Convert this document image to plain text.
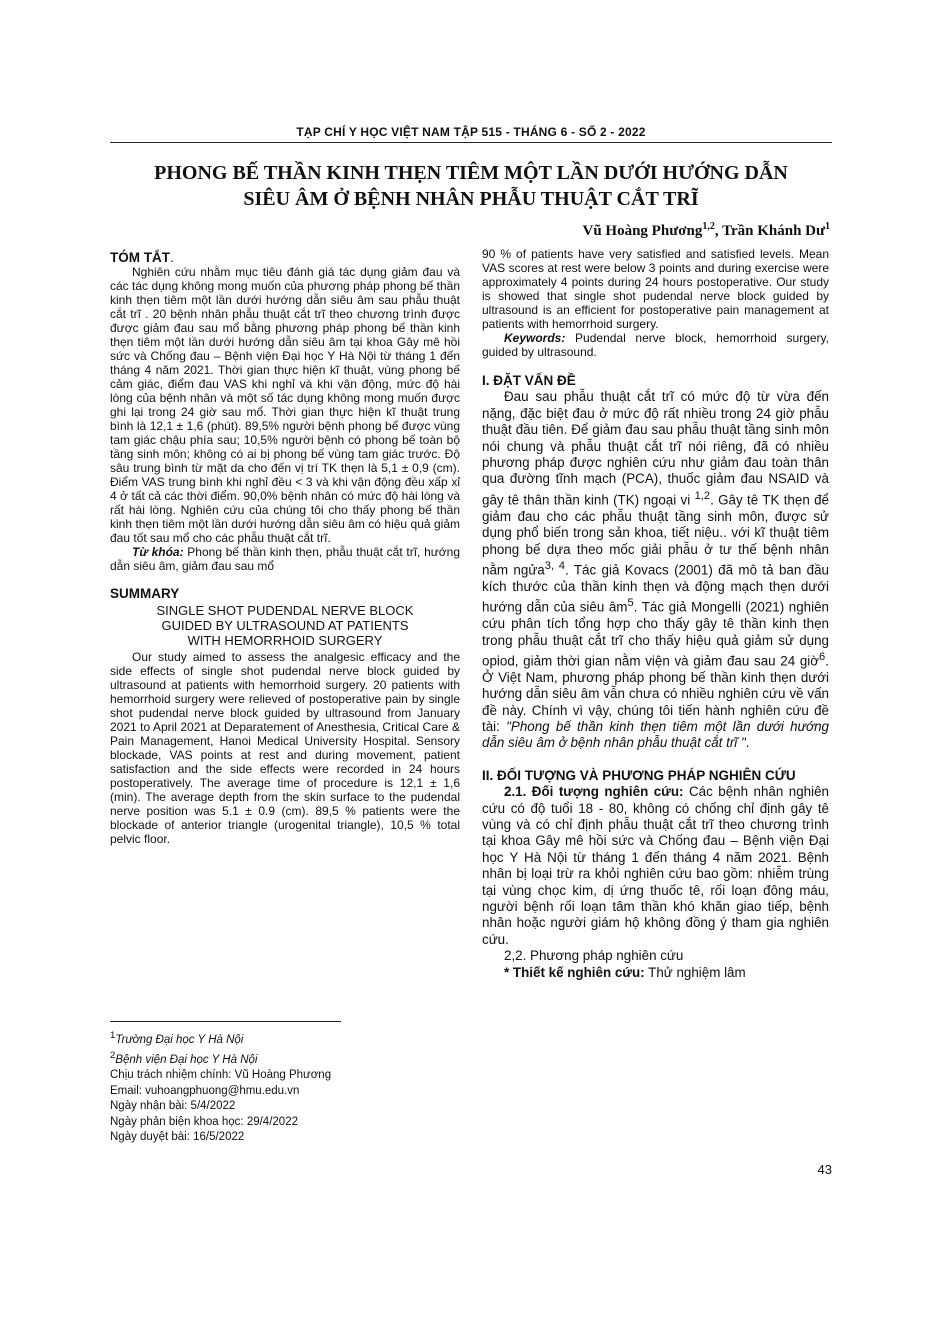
TẠP CHÍ Y HỌC VIỆT NAM TẬP 515 - THÁNG 6 - SỐ 2 - 2022
PHONG BẾ THẦN KINH THẸN TIÊM MỘT LẦN DƯỚI HƯỚNG DẪN
SIÊU ÂM Ở BỆNH NHÂN PHẪU THUẬT CẮT TRĨ
Vũ Hoàng Phương$^{1,2}$, Trần Khánh $Dư^1$

TÓM TẮT.

Nghiên cứu nhằm mục tiêu đánh giá tác dụng giảm đau và các tác dụng không mong muốn của phương pháp phong bế thần kinh thẹn tiêm một lần dưới hướng dẫn siêu âm sau phẫu thuật cắt trĩ . 20 bệnh nhân phẫu thuật cắt trĩ theo chương trình được được giảm đau sau mổ bằng phương pháp phong bế thần kinh thẹn tiêm một lần dưới hướng dẫn siêu âm tại khoa Gây mê hồi sức và Chống đau – Bệnh viện Đại học Y Hà Nội từ tháng 1 đến tháng 4 năm 2021. Thời gian thực hiện kĩ thuật, vùng phong bế cảm giác, điểm đau VAS khi nghỉ và khi vận động, mức độ hài lòng của bệnh nhân và một số tác dụng không mong muốn được ghi lại trong 24 giờ sau mổ. Thời gian thực hiện kĩ thuật trung bình là 12,1 ± 1,6 (phút). 89,5% người bệnh phong bế được vùng tam giác chậu phía sau; 10,5% người bệnh có phong bế toàn bộ tầng sinh môn; không có ai bị phong bế vùng tam giác trước. Độ sâu trung bình từ mặt da cho đến vị trí TK thẹn là 5,1 ± 0,9 (cm). Điểm VAS trung bình khi nghỉ đều < 3 và khi vận động đều xấp xỉ 4 ở tất cả các thời điểm. 90,0% bệnh nhân có mức độ hài lòng và rất hài lòng. Nghiên cứu của chúng tôi cho thấy phong bế thần kinh thẹn tiêm một lần dưới hướng dẫn siêu âm có hiệu quả giảm đau tốt sau mổ cho các phẫu thuật cắt trĩ.

Từ khóa: Phong bế thần kinh thẹn, phẫu thuật cắt trĩ, hướng dẫn siêu âm, giảm đau sau mổ

SUMMARY

SINGLE SHOT PUDENDAL NERVE BLOCK
GUIDED BY ULTRASOUND AT PATIENTS
WITH HEMORRHOID SURGERY

Our study aimed to assess the analgesic efficacy and the side effects of single shot pudendal nerve block guided by ultrasound at patients with hemorrhoid surgery. 20 patients with hemorrhoid surgery were relieved of postoperative pain by single shot pudendal nerve block guided by ultrasound from January 2021 to April 2021 at Deparatement of Anesthesia, Critical Care & Pain Management, Hanoi Medical University Hospital. Sensory blockade, VAS points at rest and during movement, patient satisfaction and the side effects were recorded in 24 hours postoperatively. The average time of procedure is 12,1 ± 1,6 (min). The average depth from the skin surface to the pudendal nerve position was 5.1 ± 0.9 (cm). 89,5 % patients were the blockade of anterior triangle (urogenital triangle), 10,5 % total pelvic floor.

$^1$Trường Đại học Y Hà Nội
$^2$Bệnh viện Đại học Y Hà Nội
Chịu trách nhiệm chính: Vũ Hoàng Phương
Email: vuhoangphuong@hmu.edu.vn
Ngày nhận bài: 5/4/2022
Ngày phản biện khoa học: 29/4/2022
Ngày duyệt bài: 16/5/2022

90 % of patients have very satisfied and satisfied levels. Mean VAS scores at rest were below 3 points and during exercise were approximately 4 points during 24 hours postoperative. Our study is showed that single shot pudendal nerve block guided by ultrasound is an efficient for postoperative pain management at patients with hemorrhoid surgery.

Keywords: Pudendal nerve block, hemorrhoid surgery, guided by ultrasound.

I. ĐẶT VẤN ĐỀ

Đau sau phẫu thuật cắt trĩ có mức độ từ vừa đến nặng, đặc biệt đau ở mức độ rất nhiều trong 24 giờ phẫu thuật đầu tiên. Để giảm đau sau phẫu thuật tầng sinh môn nói chung và phẫu thuật cắt trĩ nói riêng, đã có nhiều phương pháp được nghiên cứu như giảm đau toàn thân qua đường tĩnh mạch (PCA), thuốc giảm đau NSAID và gây tê thân thần kinh (TK) ngoại vi $^{1,2}$. Gây tê TK thẹn để giảm đau cho các phẫu thuật tầng sinh môn, được sử dụng phổ biến trong sản khoa, tiết niệu.. với kĩ thuật tiêm phong bế dựa theo mốc giải phẫu ở tư thế bệnh nhân nằm ngửa$^{3, 4}$. Tác giả Kovacs (2001) đã mô tả ban đầu kích thước của thần kinh thẹn và động mạch thẹn dưới hướng dẫn của siêu $âm^5$. Tác giả Mongelli (2021) nghiên cứu phân tích tổng hợp cho thấy gây tê thần kinh thẹn trong phẫu thuật cắt trĩ cho thấy hiệu quả giảm sử dụng opiod, giảm thời gian nằm viện và giảm đau sau 24 giờ$^6$. Ở Việt Nam, phương pháp phong bế thần kinh thẹn dưới hướng dẫn siêu âm vẫn chưa có nhiều nghiên cứu về vấn đề này. Chính vì vậy, chúng tôi tiến hành nghiên cứu đề tài: "Phong bế thần kinh thẹn tiêm một lần dưới hướng dẫn siêu âm ở bệnh nhân phẫu thuật cắt trĩ ".

II. ĐỐI TƯỢNG VÀ PHƯƠNG PHÁP NGHIÊN CỨU

2.1. Đối tượng nghiên cứu: Các bệnh nhân nghiên cứu có độ tuổi 18 - 80, không có chống chỉ định gây tê vùng và có chỉ định phẫu thuật cắt trĩ theo chương trình tại khoa Gây mê hồi sức và Chống đau – Bệnh viện Đại học Y Hà Nội từ tháng 1 đến tháng 4 năm 2021. Bệnh nhân bị loại trừ ra khỏi nghiên cứu bao gồm: nhiễm trùng tại vùng chọc kim, dị ứng thuốc tê, rối loạn đông máu, người bệnh rối loạn tâm thần khó khăn giao tiếp, bệnh nhân hoặc người giám hộ không đồng ý tham gia nghiên cứu.

2,2. Phương pháp nghiên cứu

* Thiết kế nghiên cứu: Thử nghiệm lâm

43
